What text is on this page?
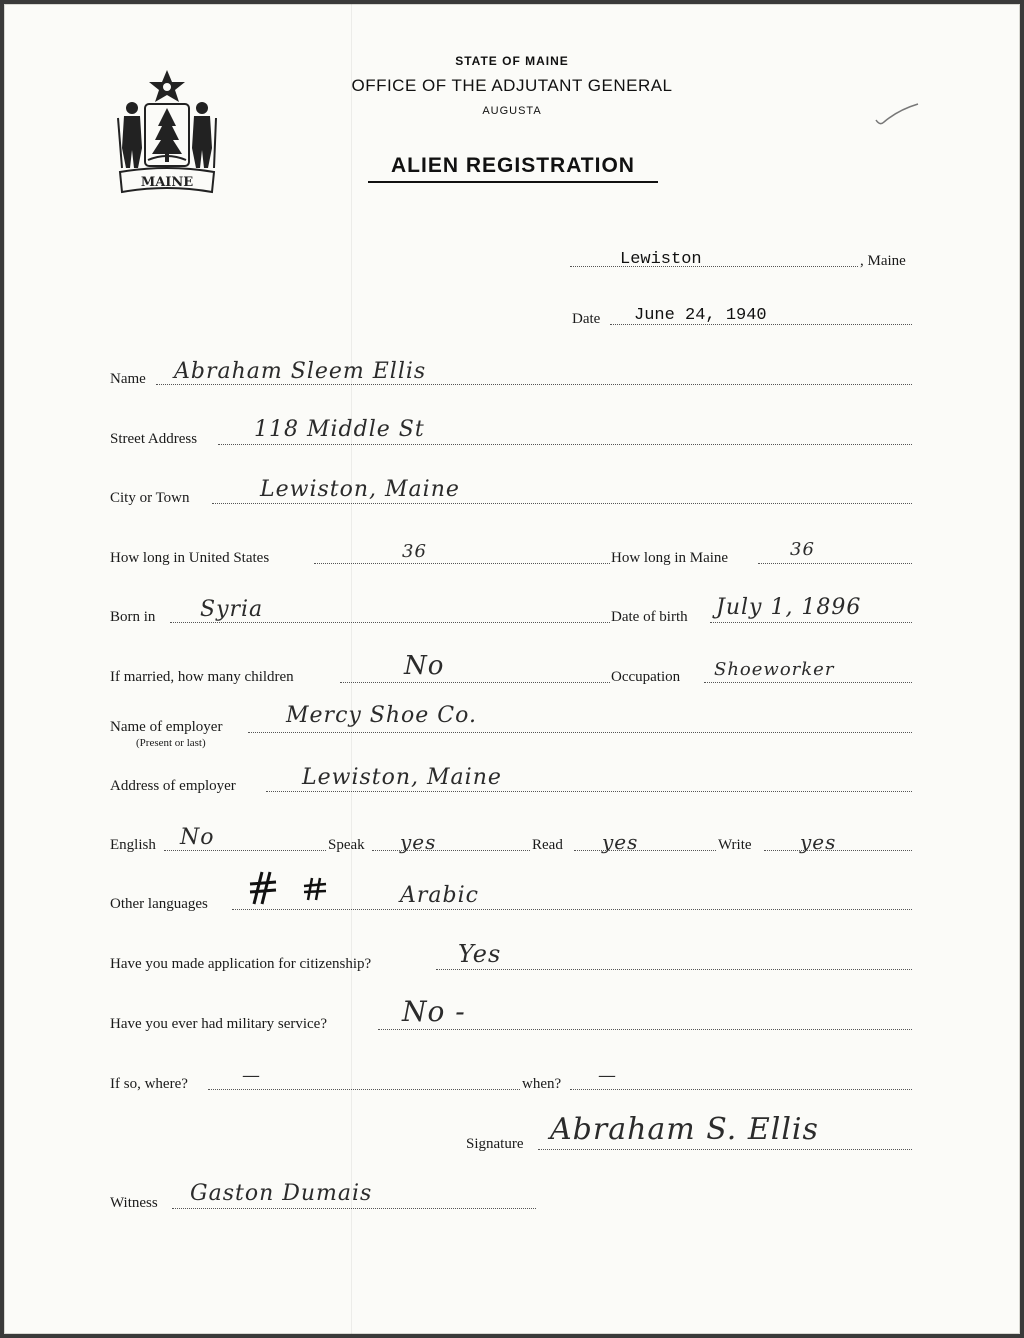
MAINE
STATE OF MAINE
OFFICE OF THE ADJUTANT GENERAL
AUGUSTA
ALIEN REGISTRATION
Lewiston	, Maine
Date June 24, 1940
Name Abraham Sleem Ellis
Street Address	118 Middle St
City or Town	Lewiston, Maine
How long in United States	36	How long in Maine	36
Born in Syria	Date of birth July 1, 1896
If married, how many children	No	Occupation Shoeworker
Name of employer
(Present or last)
Mercy Shoe Co.
Address of employer	Lewiston, Maine
English No	Speak yes	Read yes	Write yes
Other languages	Arabic
Have you made application for citizenship?	Yes
Have you ever had military service?	No -
If so, where?	—	when? —
Signature Abraham S. Ellis
Witness Gaston Dumais
